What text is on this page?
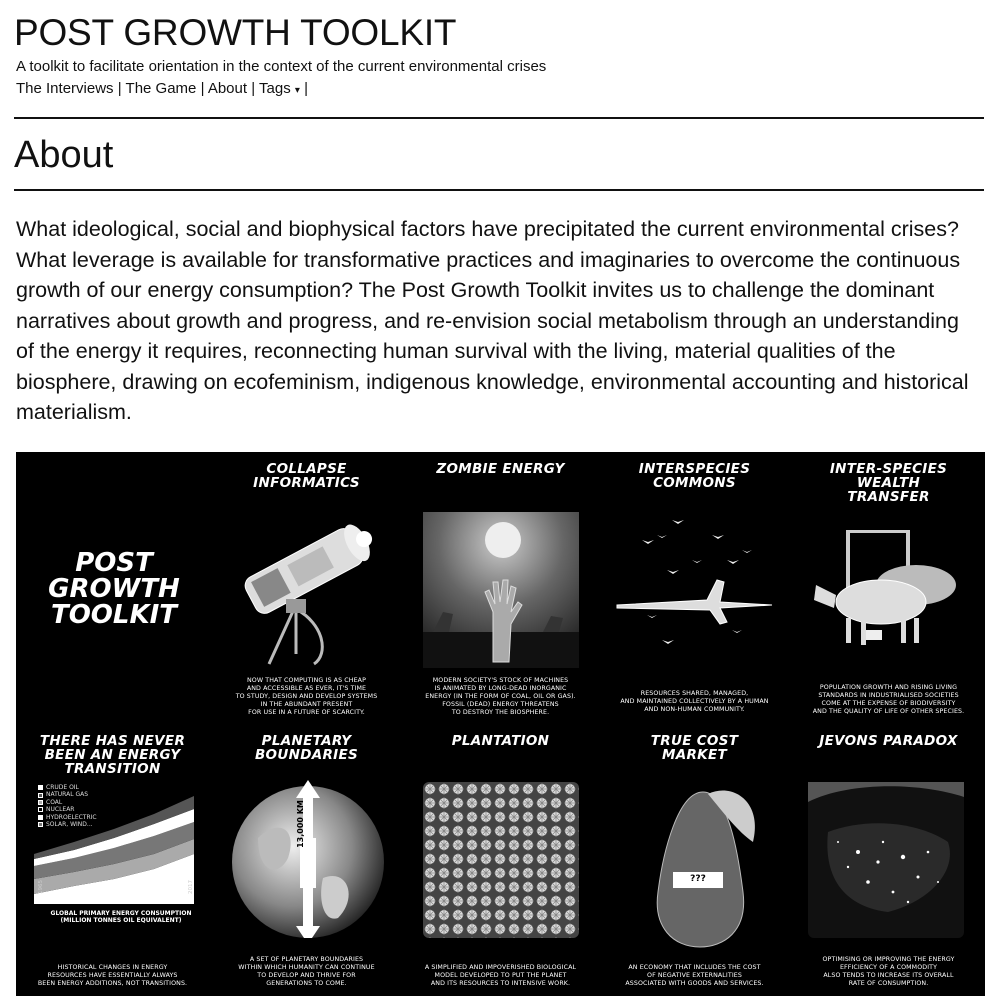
POST GROWTH TOOLKIT
A toolkit to facilitate orientation in the context of the current environmental crises
The Interviews | The Game | About | Tags ▾ |
About

What ideological, social and biophysical factors have precipitated the current environmental crises? What leverage is available for transformative practices and imaginaries to overcome the continuous growth of our energy consumption? The Post Growth Toolkit invites us to challenge the dominant narratives about growth and progress, and re-envision social metabolism through an understanding of the energy it requires, reconnecting human survival with the living, material qualities of the biosphere, drawing on ecofeminism, indigenous knowledge, environmental accounting and historical materialism.

POST
GROWTH
TOOLKIT
COLLAPSE
INFORMATICS
NOW THAT COMPUTING IS AS CHEAP
AND ACCESSIBLE AS EVER, IT'S TIME
TO STUDY, DESIGN AND DEVELOP SYSTEMS
IN THE ABUNDANT PRESENT
FOR USE IN A FUTURE OF SCARCITY.
ZOMBIE ENERGY
MODERN SOCIETY'S STOCK OF MACHINES
IS ANIMATED BY LONG-DEAD INORGANIC
ENERGY (IN THE FORM OF COAL, OIL OR GAS).
FOSSIL (DEAD) ENERGY THREATENS
TO DESTROY THE BIOSPHERE.
INTERSPECIES
COMMONS
RESOURCES SHARED, MANAGED,
AND MAINTAINED COLLECTIVELY BY A HUMAN
AND NON-HUMAN COMMUNITY.
INTER-SPECIES
WEALTH
TRANSFER
POPULATION GROWTH AND RISING LIVING
STANDARDS IN INDUSTRIALISED SOCIETIES
COME AT THE EXPENSE OF BIODIVERSITY
AND THE QUALITY OF LIFE OF OTHER SPECIES.
THERE HAS NEVER
BEEN AN ENERGY
TRANSITION
CRUDE OIL
NATURAL GAS
COAL
NUCLEAR
HYDROELECTRIC
SOLAR, WIND...
1965	2017
GLOBAL PRIMARY ENERGY CONSUMPTION
(MILLION TONNES OIL EQUIVALENT)
HISTORICAL CHANGES IN ENERGY
RESOURCES HAVE ESSENTIALLY ALWAYS
BEEN ENERGY ADDITIONS, NOT TRANSITIONS.
PLANETARY
BOUNDARIES
13,000 KM
A SET OF PLANETARY BOUNDARIES
WITHIN WHICH HUMANITY CAN CONTINUE
TO DEVELOP AND THRIVE FOR
GENERATIONS TO COME.
PLANTATION
A SIMPLIFIED AND IMPOVERISHED BIOLOGICAL
MODEL DEVELOPED TO PUT THE PLANET
AND ITS RESOURCES TO INTENSIVE WORK.
TRUE COST
MARKET
???
AN ECONOMY THAT INCLUDES THE COST
OF NEGATIVE EXTERNALITIES
ASSOCIATED WITH GOODS AND SERVICES.
JEVONS PARADOX
OPTIMISING OR IMPROVING THE ENERGY
EFFICIENCY OF A COMMODITY
ALSO TENDS TO INCREASE ITS OVERALL
RATE OF CONSUMPTION.
